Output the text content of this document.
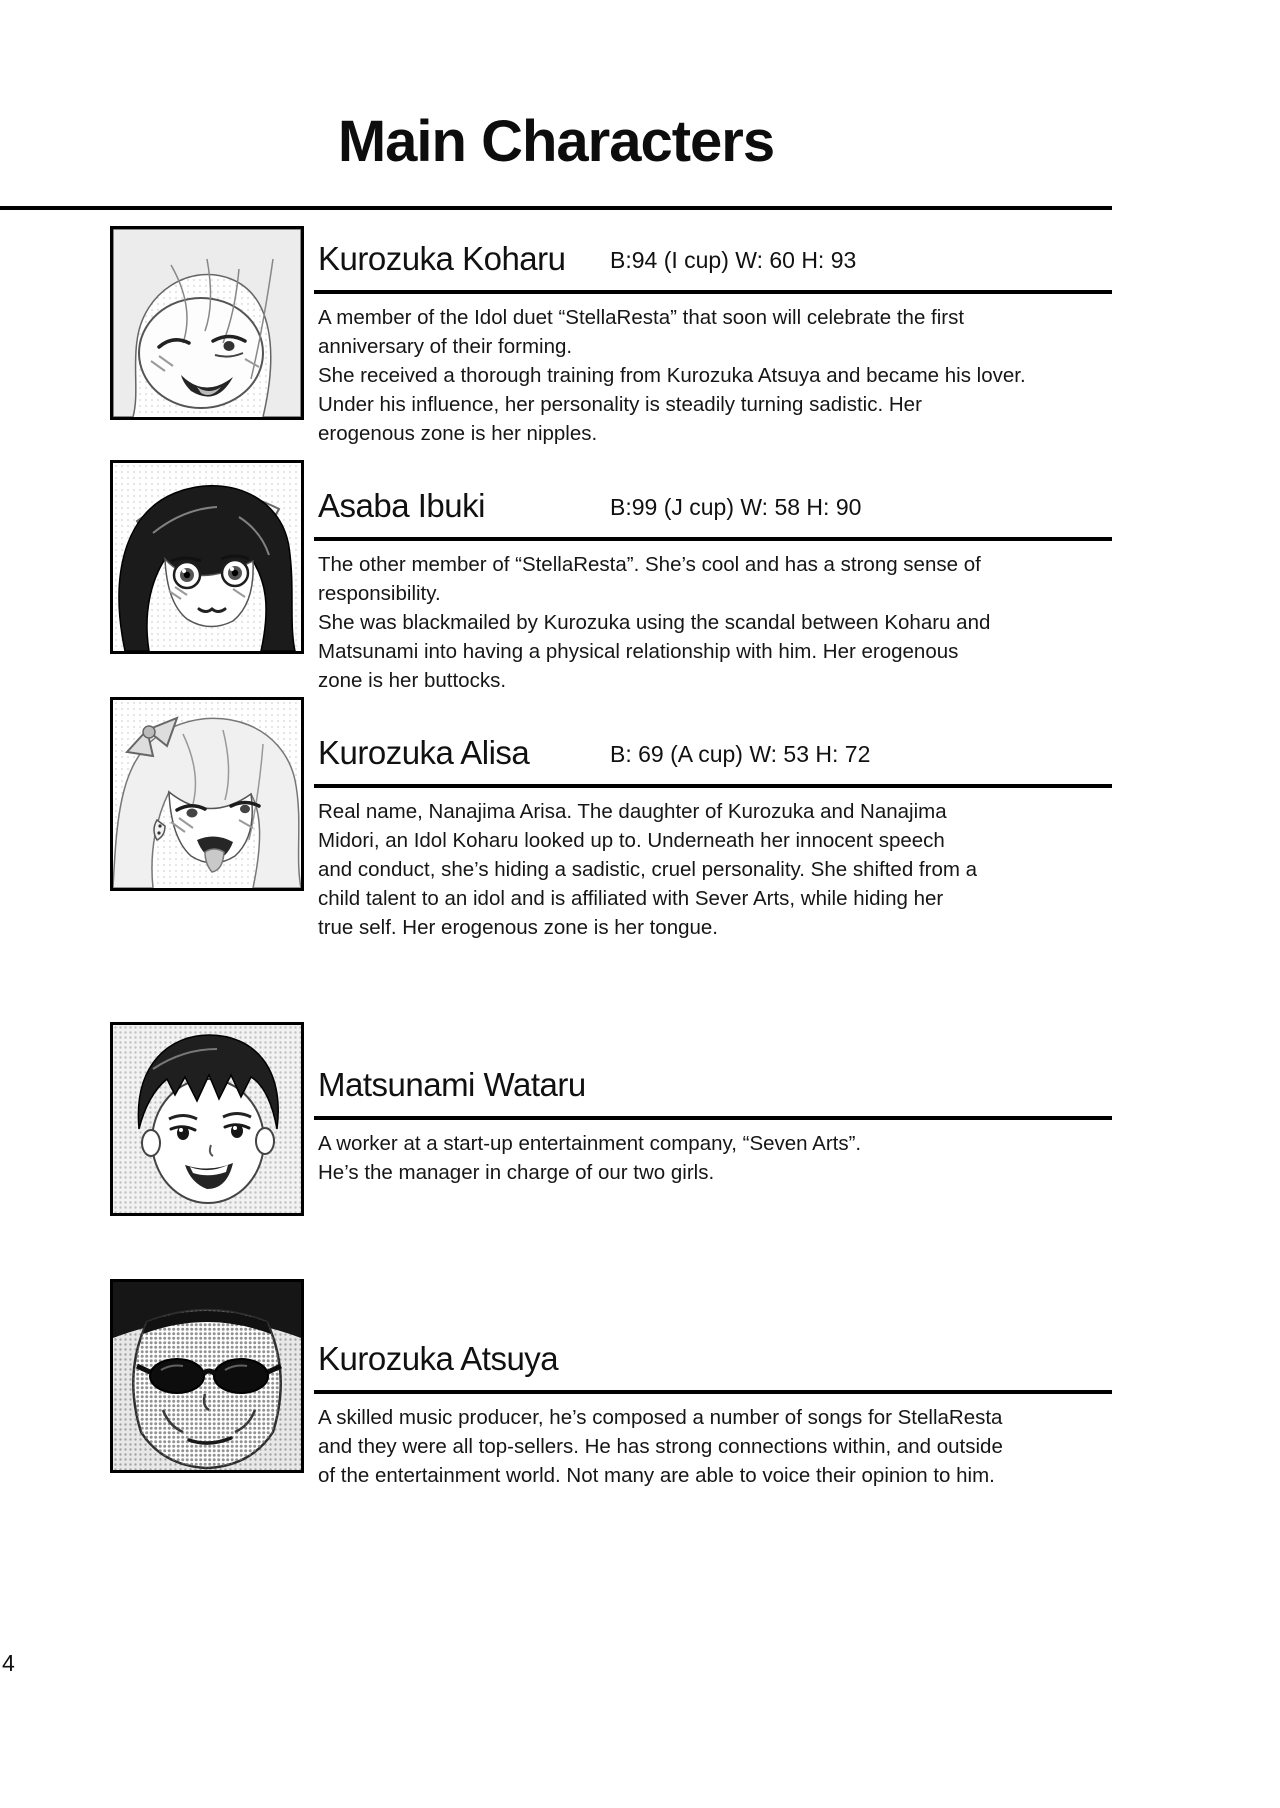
Main Characters
Kurozuka Koharu B:94 (I cup) W: 60 H: 93

A member of the Idol duet “StellaResta” that soon will celebrate the first
anniversary of their forming.
She received a thorough training from Kurozuka Atsuya and became his lover.
Under his influence, her personality is steadily turning sadistic. Her
erogenous zone is her nipples.

Asaba Ibuki	B:99 (J cup) W: 58 H: 90

The other member of “StellaResta”. She’s cool and has a strong sense of
responsibility.
She was blackmailed by Kurozuka using the scandal between Koharu and
Matsunami into having a physical relationship with him. Her erogenous
zone is her buttocks.

Kurozuka Alisa	B: 69 (A cup) W: 53 H: 72

Real name, Nanajima Arisa. The daughter of Kurozuka and Nanajima
Midori, an Idol Koharu looked up to. Underneath her innocent speech
and conduct, she’s hiding a sadistic, cruel personality. She shifted from a
child talent to an idol and is affiliated with Sever Arts, while hiding her
true self. Her erogenous zone is her tongue.

Matsunami Wataru

A worker at a start-up entertainment company, “Seven Arts”.
He’s the manager in charge of our two girls.

Kurozuka Atsuya

A skilled music producer, he’s composed a number of songs for StellaResta
and they were all top-sellers. He has strong connections within, and outside
of the entertainment world. Not many are able to voice their opinion to him.

4
